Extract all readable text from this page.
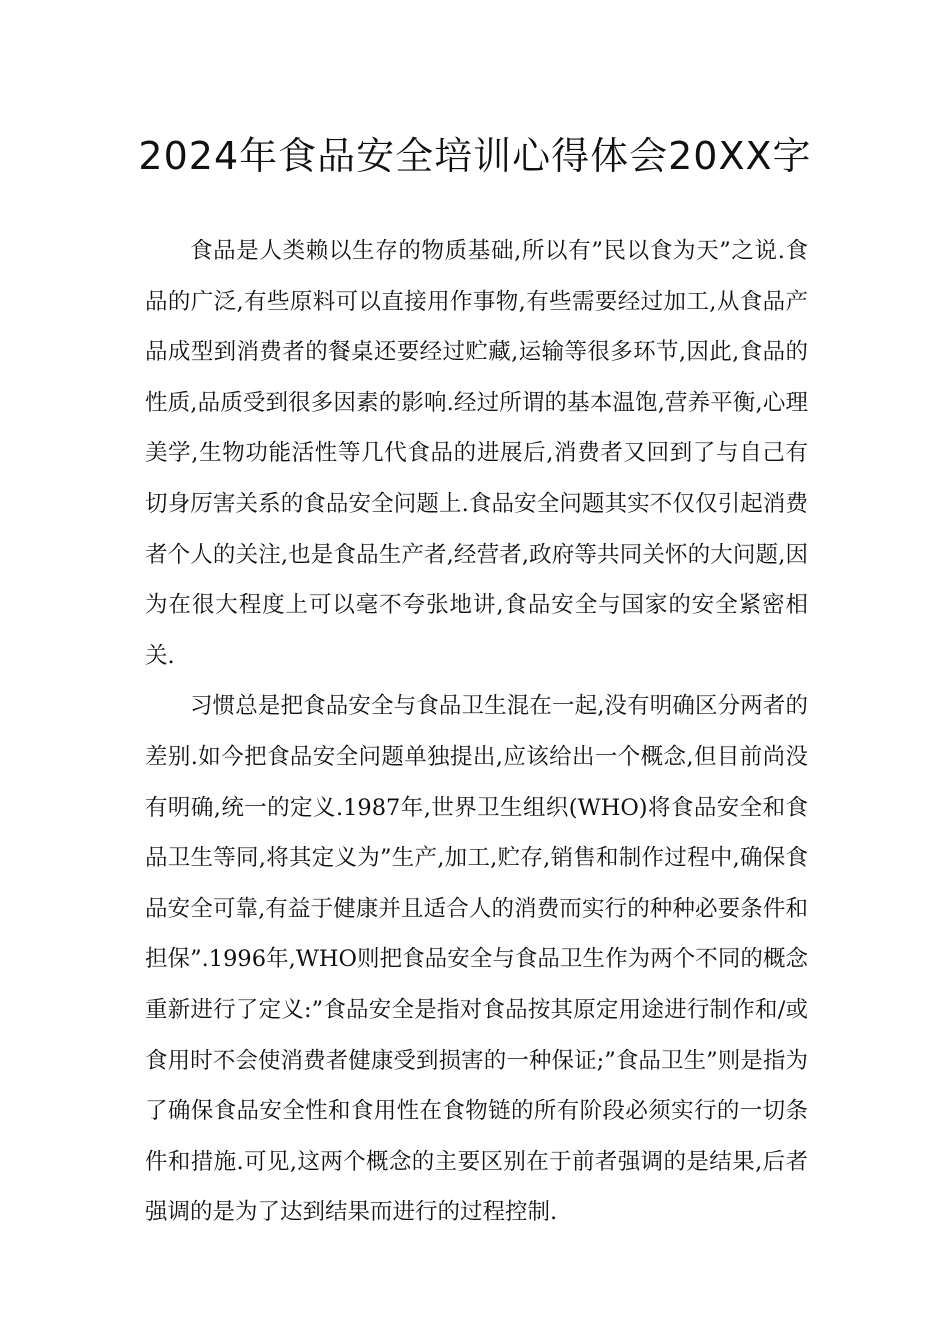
2024年食品安全培训心得体会20XX字

食品是人类赖以生存的物质基础,所以有”民以食为天”之说.食品的广泛,有些原料可以直接用作事物,有些需要经过加工,从食品产品成型到消费者的餐桌还要经过贮藏,运输等很多环节,因此,食品的性质,品质受到很多因素的影响.经过所谓的基本温饱,营养平衡,心理美学,生物功能活性等几代食品的进展后,消费者又回到了与自己有切身厉害关系的食品安全问题上.食品安全问题其实不仅仅引起消费者个人的关注,也是食品生产者,经营者,政府等共同关怀的大问题,因为在很大程度上可以毫不夸张地讲,食品安全与国家的安全紧密相关.

习惯总是把食品安全与食品卫生混在一起,没有明确区分两者的差别.如今把食品安全问题单独提出,应该给出一个概念,但目前尚没有明确,统一的定义.1987年,世界卫生组织(WHO)将食品安全和食品卫生等同,将其定义为”生产,加工,贮存,销售和制作过程中,确保食品安全可靠,有益于健康并且适合人的消费而实行的种种必要条件和担保”.1996年,WHO则把食品安全与食品卫生作为两个不同的概念重新进行了定义:”食品安全是指对食品按其原定用途进行制作和/或食用时不会使消费者健康受到损害的一种保证;”食品卫生”则是指为了确保食品安全性和食用性在食物链的所有阶段必须实行的一切条件和措施.可见,这两个概念的主要区别在于前者强调的是结果,后者强调的是为了达到结果而进行的过程控制.
